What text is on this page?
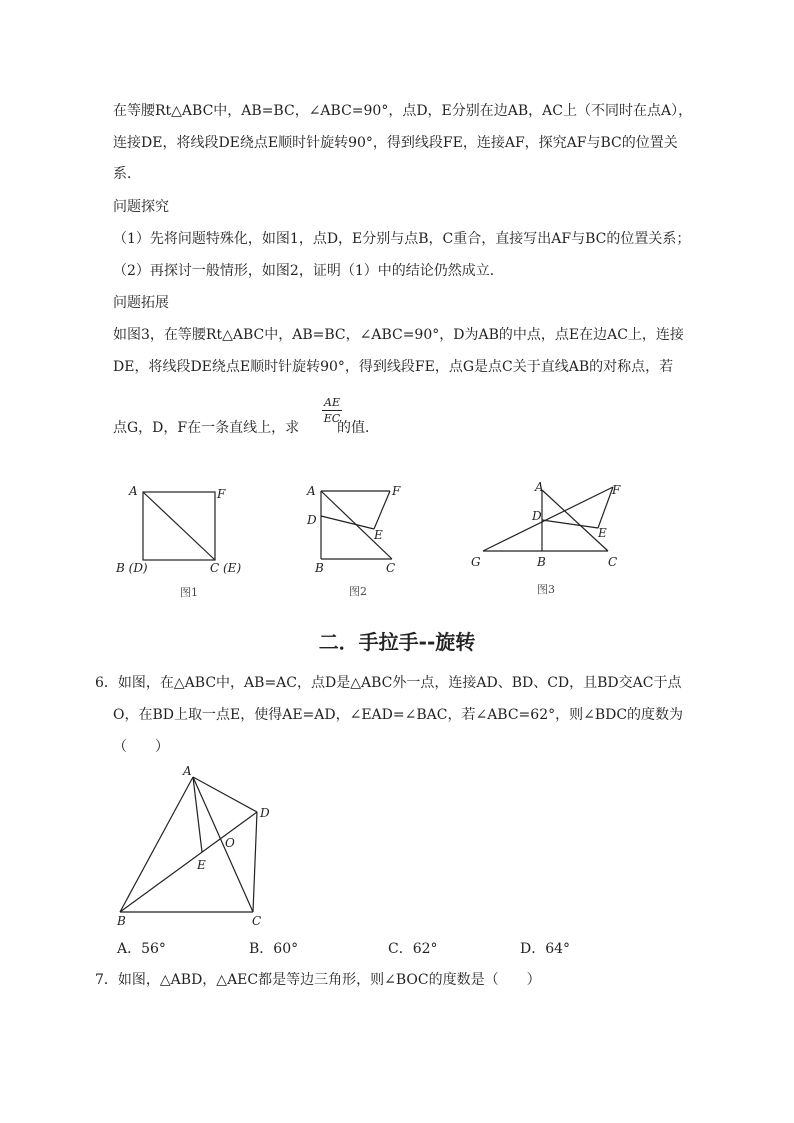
在等腰Rt△ABC中，AB=BC，∠ABC=90°，点D，E分别在边AB，AC上（不同时在点A），
连接DE，将线段DE绕点E顺时针旋转90°，得到线段FE，连接AF，探究AF与BC的位置关
系．
问题探究
（1）先将问题特殊化，如图1，点D，E分别与点B，C重合，直接写出AF与BC的位置关系；
（2）再探讨一般情形，如图2，证明（1）中的结论仍然成立．
问题拓展
如图3，在等腰Rt△ABC中，AB=BC，∠ABC=90°，D为AB的中点，点E在边AC上，连接
DE，将线段DE绕点E顺时针旋转90°，得到线段FE，点G是点C关于直线AB的对称点，若
点G，D，F在一条直线上，求
AE
EC
的值．
A	F
B (D)	C (E)
图1
A	F
D
E
B	C
图2
A	F
D
E
G	B	C
图3
二．手拉手--旋转
6．如图，在△ABC中，AB=AC，点D是△ABC外一点，连接AD、BD、CD，且BD交AC于点
O，在BD上取一点E，使得AE=AD，∠EAD=∠BAC，若∠ABC=62°，则∠BDC的度数为
（　　）
A
D
O
E
B	C
A．56°	B．60°	C．62°	D．64°
7．如图，△ABD，△AEC都是等边三角形，则∠BOC的度数是（　　）
